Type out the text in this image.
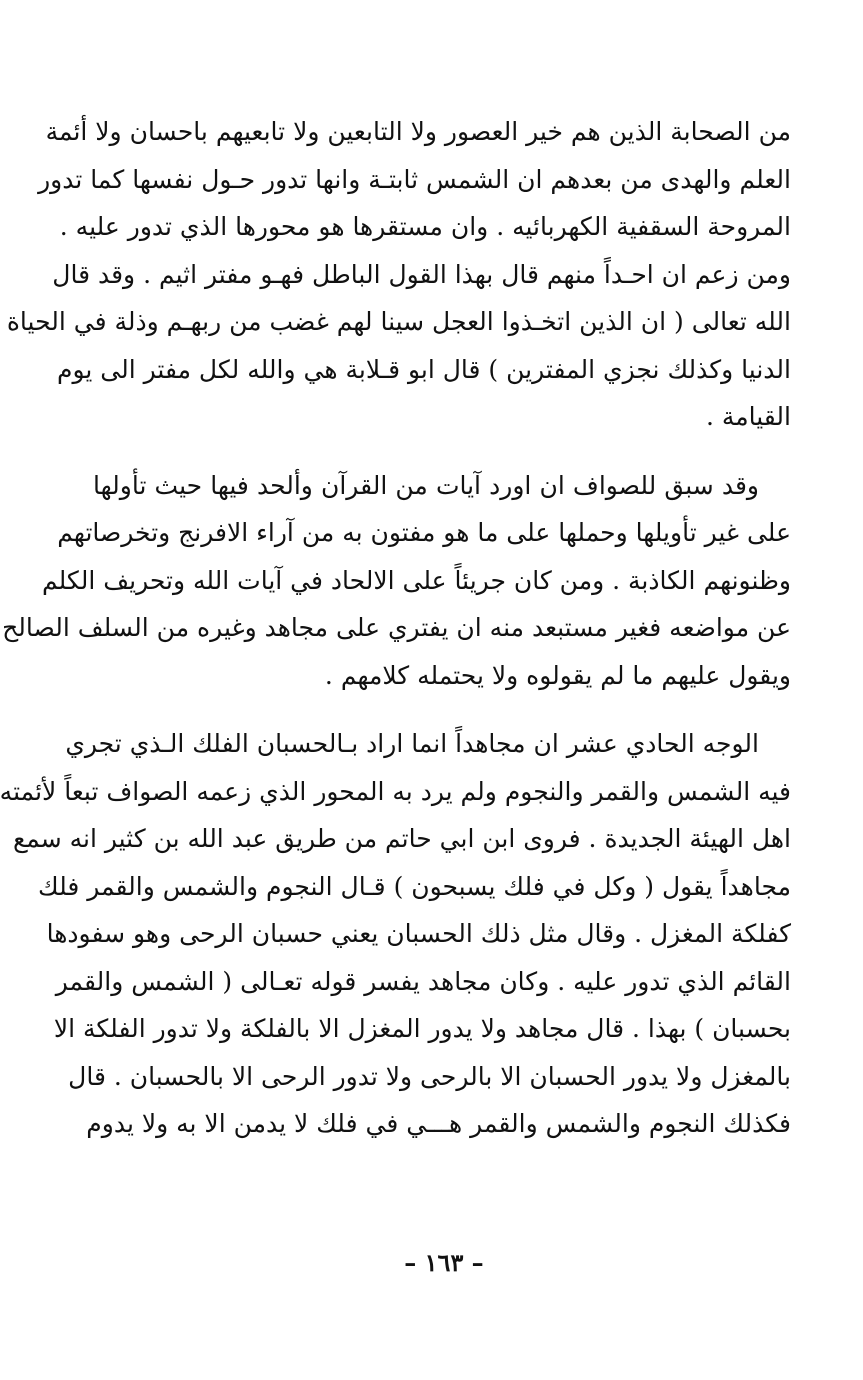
من الصحابة الذين هم خير العصور ولا التابعين ولا تابعيهم باحسان ولا أئمة
العلم والهدى من بعدهم ان الشمس ثابتـة وانها تدور حـول نفسها كما تدور
المروحة السقفية الكهربائيه . وان مستقرها هو محورها الذي تدور عليه .
ومن زعم ان احـداً منهم قال بهذا القول الباطل فهـو مفتر اثيم . وقد قال
الله تعالى ( ان الذين اتخـذوا العجل سينا لهم غضب من ربهـم وذلة في الحياة
الدنيا وكذلك نجزي المفترين ) قال ابو قـلابة هي والله لكل مفتر الى يوم
القيامة .
وقد سبق للصواف ان اورد آيات من القرآن وألحد فيها حيث تأولها
على غير تأويلها وحملها على ما هو مفتون به من آراء الافرنج وتخرصاتهم
وظنونهم الكاذبة . ومن كان جريئاً على الالحاد في آيات الله وتحريف الكلم
عن مواضعه فغير مستبعد منه ان يفتري على مجاهد وغيره من السلف الصالح
ويقول عليهم ما لم يقولوه ولا يحتمله كلامهم .
الوجه الحادي عشر ان مجاهداً انما اراد بـالحسبان الفلك الـذي تجري
فيه الشمس والقمر والنجوم ولم يرد به المحور الذي زعمه الصواف تبعاً لأئمته
اهل الهيئة الجديدة . فروى ابن ابي حاتم من طريق عبد الله بن كثير انه سمع
مجاهداً يقول ( وكل في فلك يسبحون ) قـال النجوم والشمس والقمر فلك
كفلكة المغزل . وقال مثل ذلك الحسبان يعني حسبان الرحى وهو سفودها
القائم الذي تدور عليه . وكان مجاهد يفسر قوله تعـالى ( الشمس والقمر
بحسبان ) بهذا . قال مجاهد ولا يدور المغزل الا بالفلكة ولا تدور الفلكة الا
بالمغزل ولا يدور الحسبان الا بالرحى ولا تدور الرحى الا بالحسبان . قال
فكذلك النجوم والشمس والقمر هـــي في فلك لا يدمن الا به ولا يدوم
– ١٦٣ –
